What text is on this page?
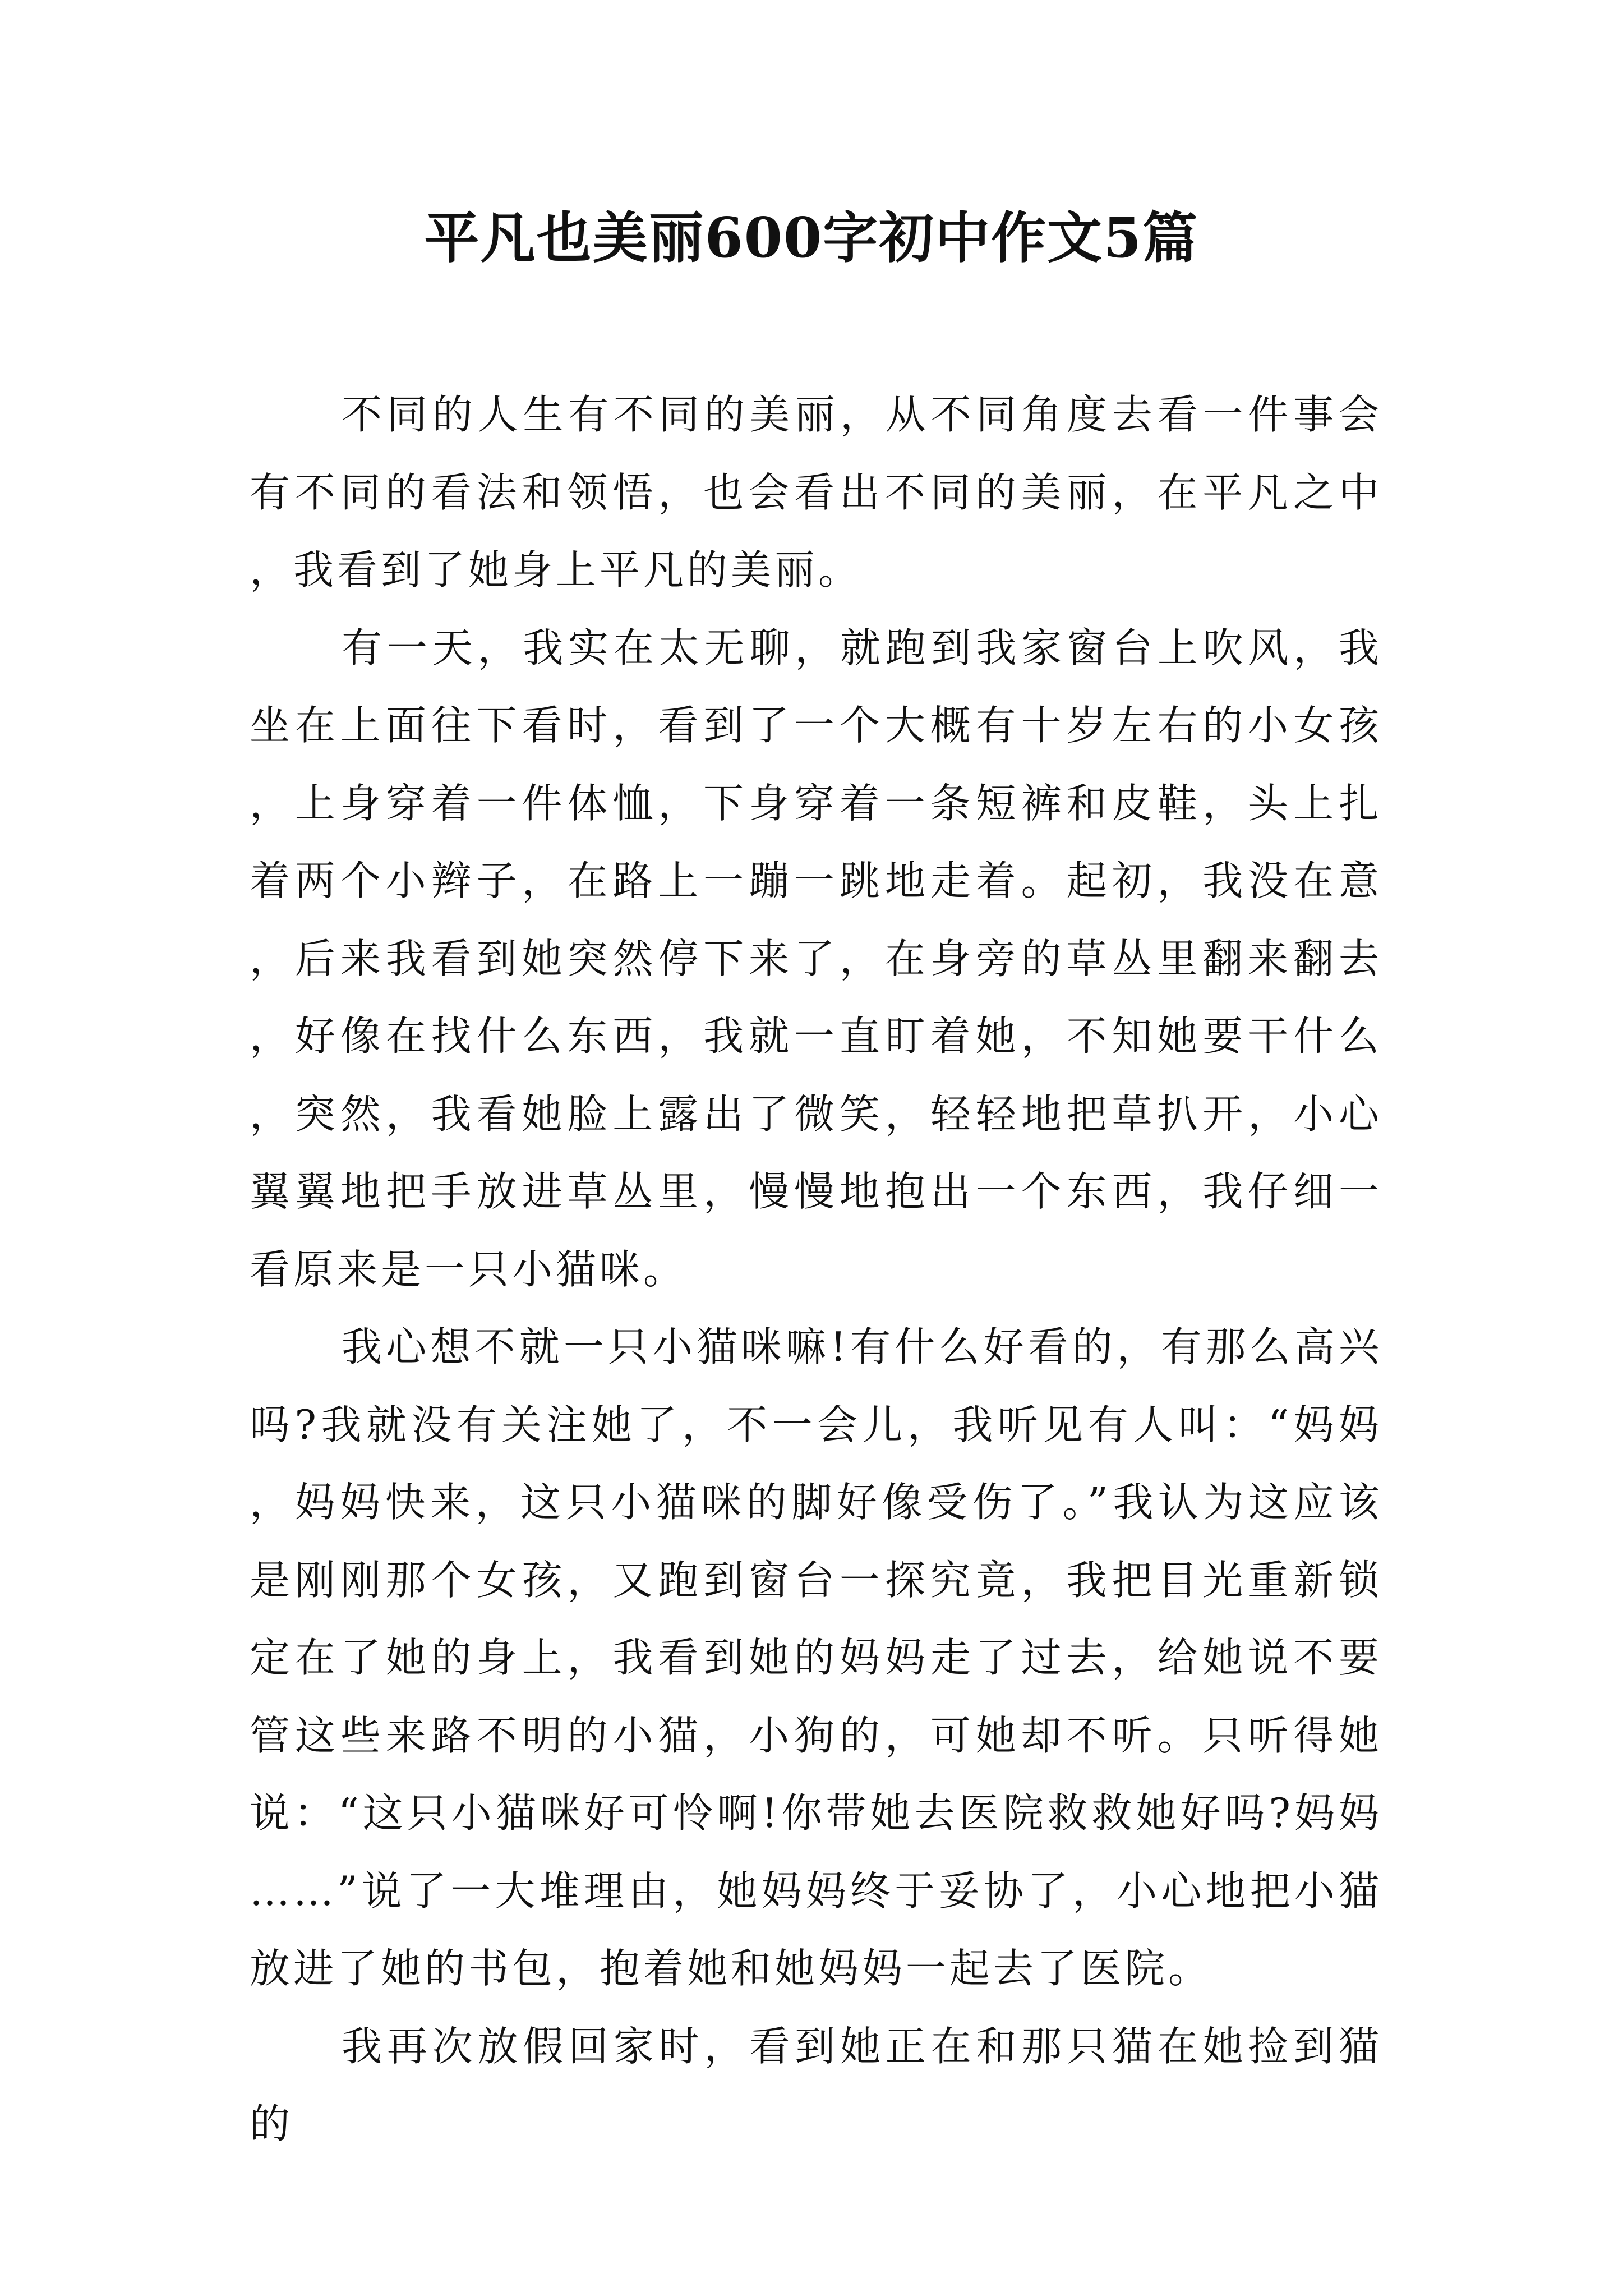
平凡也美丽600字初中作文5篇

不同的人生有不同的美丽，从不同角度去看一件事会有不同的看法和领悟，也会看出不同的美丽，在平凡之中，我看到了她身上平凡的美丽。

有一天，我实在太无聊，就跑到我家窗台上吹风，我坐在上面往下看时，看到了一个大概有十岁左右的小女孩，上身穿着一件体恤，下身穿着一条短裤和皮鞋，头上扎着两个小辫子，在路上一蹦一跳地走着。起初，我没在意，后来我看到她突然停下来了，在身旁的草丛里翻来翻去，好像在找什么东西，我就一直盯着她，不知她要干什么，突然，我看她脸上露出了微笑，轻轻地把草扒开，小心翼翼地把手放进草丛里，慢慢地抱出一个东西，我仔细一看原来是一只小猫咪。

我心想不就一只小猫咪嘛!有什么好看的，有那么高兴吗?我就没有关注她了，不一会儿，我听见有人叫：“妈妈，妈妈快来，这只小猫咪的脚好像受伤了。”我认为这应该是刚刚那个女孩，又跑到窗台一探究竟，我把目光重新锁定在了她的身上，我看到她的妈妈走了过去，给她说不要管这些来路不明的小猫，小狗的，可她却不听。只听得她说：“这只小猫咪好可怜啊!你带她去医院救救她好吗?妈妈……”说了一大堆理由，她妈妈终于妥协了，小心地把小猫放进了她的书包，抱着她和她妈妈一起去了医院。

我再次放假回家时，看到她正在和那只猫在她捡到猫的
